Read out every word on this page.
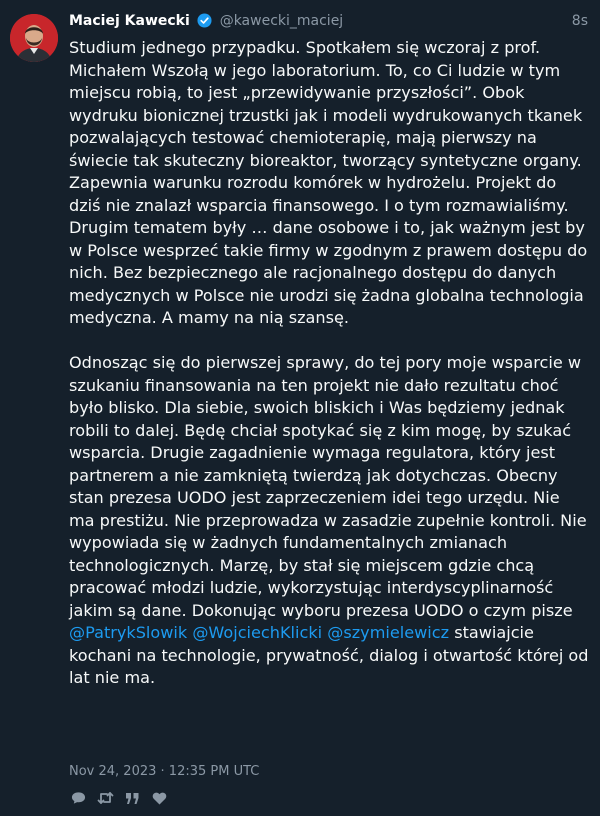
Maciej Kawecki @kawecki_maciej	8s

Studium jednego przypadku. Spotkałem się wczoraj z prof. Michałem Wszołą w jego laboratorium. To, co Ci ludzie w tym miejscu robią, to jest „przewidywanie przyszłości”. Obok wydruku bionicznej trzustki jak i modeli wydrukowanych tkanek pozwalających testować chemioterapię, mają pierwszy na świecie tak skuteczny bioreaktor, tworzący syntetyczne organy. Zapewnia warunku rozrodu komórek w hydrożelu. Projekt do dziś nie znalazł wsparcia finansowego. I o tym rozmawialiśmy. Drugim tematem były … dane osobowe i to, jak ważnym jest by w Polsce wesprzeć takie firmy w zgodnym z prawem dostępu do nich. Bez bezpiecznego ale racjonalnego dostępu do danych medycznych w Polsce nie urodzi się żadna globalna technologia medyczna. A mamy na nią szansę.

Odnosząc się do pierwszej sprawy, do tej pory moje wsparcie w szukaniu finansowania na ten projekt nie dało rezultatu choć było blisko. Dla siebie, swoich bliskich i Was będziemy jednak robili to dalej. Będę chciał spotykać się z kim mogę, by szukać wsparcia. Drugie zagadnienie wymaga regulatora, który jest partnerem a nie zamkniętą twierdzą jak dotychczas. Obecny stan prezesa UODO jest zaprzeczeniem idei tego urzędu. Nie ma prestiżu. Nie przeprowadza w zasadzie zupełnie kontroli. Nie wypowiada się w żadnych fundamentalnych zmianach technologicznych. Marzę, by stał się miejscem gdzie chcą pracować młodzi ludzie, wykorzystując interdyscyplinarność jakim są dane. Dokonując wyboru prezesa UODO o czym pisze @PatrykSlowik @WojciechKlicki @szymielewicz stawiajcie kochani na technologie, prywatność, dialog i otwartość której od lat nie ma.

Nov 24, 2023 · 12:35 PM UTC
